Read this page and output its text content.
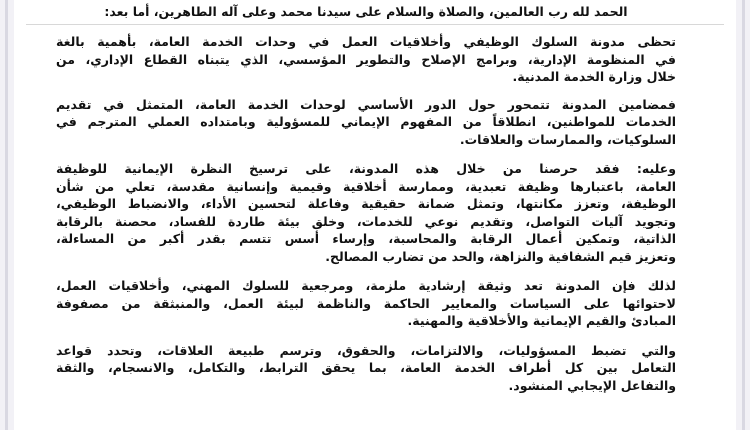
الحمد لله رب العالمين، والصلاة والسلام على سيدنا محمد وعلى آله الطاهرين، أما بعد:

تحظى مدونة السلوك الوظيفي وأخلاقيات العمل في وحدات الخدمة العامة، بأهمية بالغة
في المنظومة الإدارية، وبرامج الإصلاح والتطوير المؤسسي، الذي يتبناه القطاع الإداري، من
خلال وزارة الخدمة المدنية.

فمضامين المدونة تتمحور حول الدور الأساسي لوحدات الخدمة العامة، المتمثل في تقديم
الخدمات للمواطنين، انطلاقاً من المفهوم الإيماني للمسؤولية وبامتداده العملي المترجم في
السلوكيات، والممارسات والعلاقات.

وعليه: فقد حرصنا من خلال هذه المدونة، على ترسيخ النظرة الإيمانية للوظيفة
العامة، باعتبارها وظيفة تعبدية، وممارسة أخلاقية وقيمية وإنسانية مقدسة، تعلي من شأن
الوظيفة، وتعزز مكانتها، وتمثل ضمانة حقيقية وفاعلة لتحسين الأداء، والانضباط الوظيفي،
وتجويد آليات التواصل، وتقديم نوعي للخدمات، وخلق بيئة طاردة للفساد، محصنة بالرقابة
الذاتية، وتمكين أعمال الرقابة والمحاسبة، وإرساء أسس تتسم بقدر أكبر من المساءلة،
وتعزيز قيم الشفافية والنزاهة، والحد من تضارب المصالح.

لذلك فإن المدونة تعد وثيقة إرشادية ملزمة، ومرجعية للسلوك المهني، وأخلاقيات العمل،
لاحتوائها على السياسات والمعايير الحاكمة والناظمة لبيئة العمل، والمنبثقة من مصفوفة
المبادئ والقيم الإيمانية والأخلاقية والمهنية.

والتي تضبط المسؤوليات، والالتزامات، والحقوق، وترسم طبيعة العلاقات، وتحدد قواعد
التعامل بين كل أطراف الخدمة العامة، بما يحقق الترابط، والتكامل، والانسجام، والثقة
والتفاعل الإيجابي المنشود.
